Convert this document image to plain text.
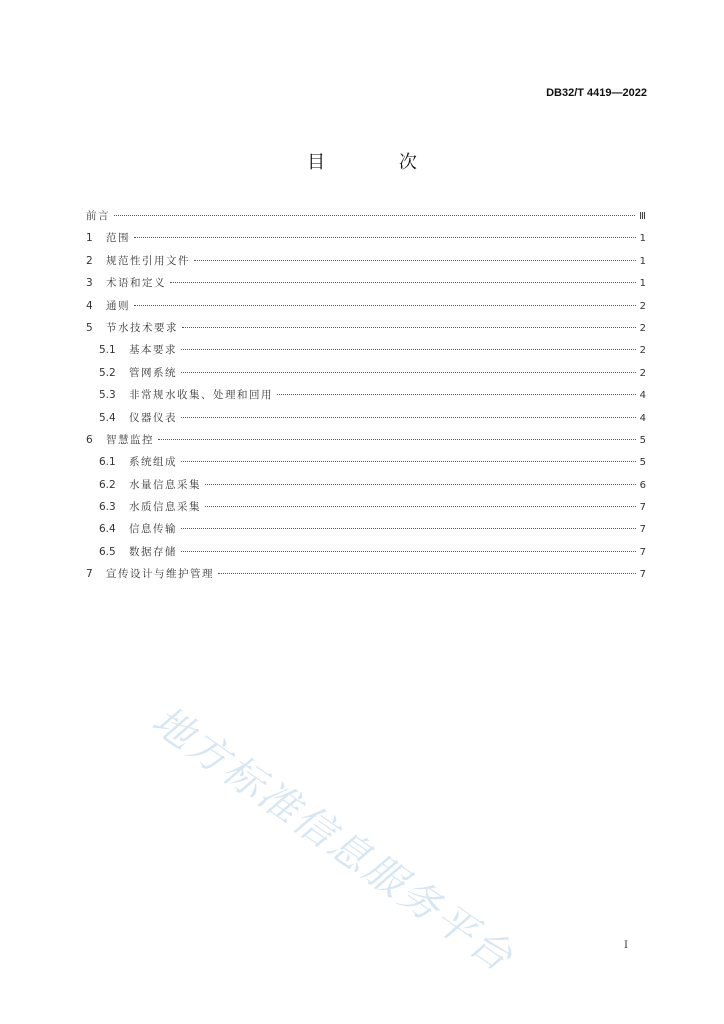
DB32/T 4419—2022
目 次
前言	Ⅲ
1	范围	1
2	规范性引用文件	1
3	术语和定义	1
4	通则	2
5	节水技术要求	2
5.1	基本要求	2
5.2	管网系统	2
5.3	非常规水收集、处理和回用	4
5.4	仪器仪表	4
6	智慧监控	5
6.1	系统组成	5
6.2	水量信息采集	6
6.3	水质信息采集	7
6.4	信息传输	7
6.5	数据存储	7
7	宣传设计与维护管理	7
地方标准信息服务平台	I
